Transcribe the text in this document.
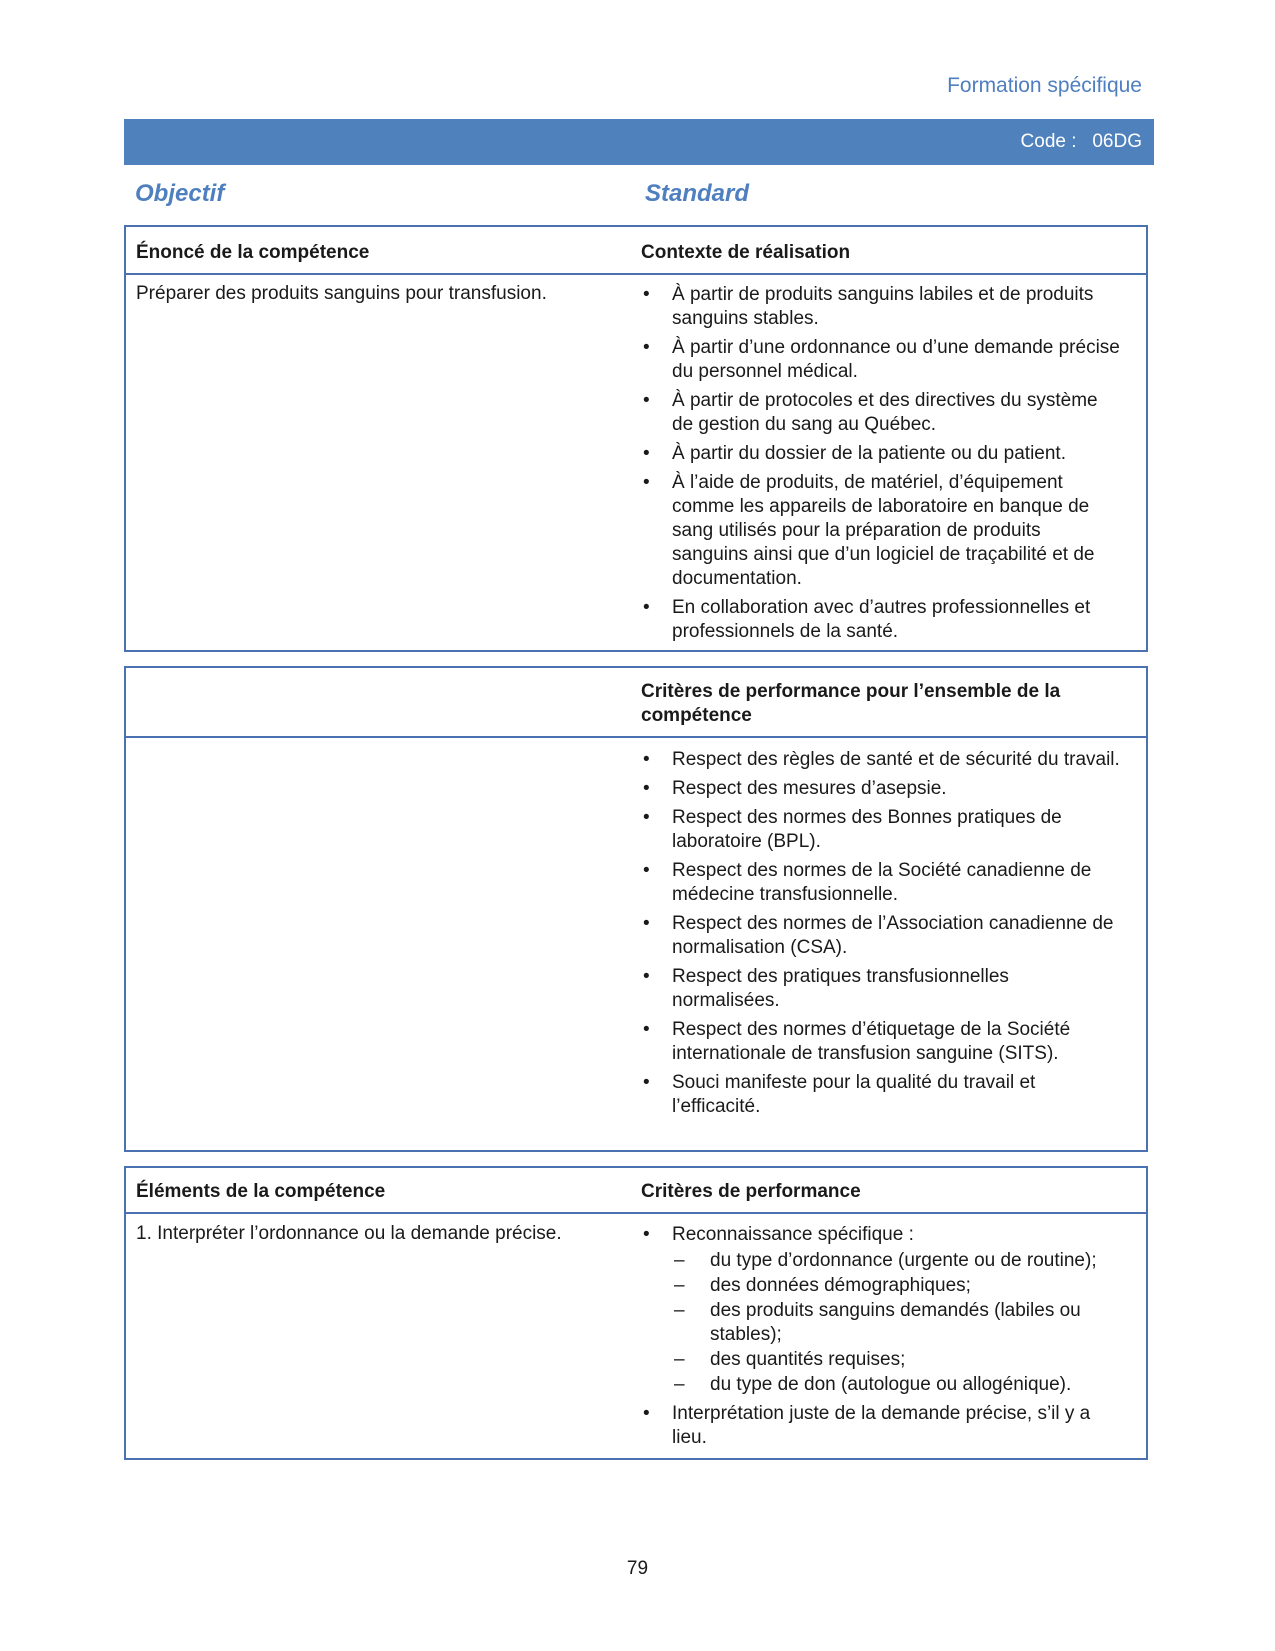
Formation spécifique
Code :   06DG
Objectif	Standard
Énoncé de la compétence	Contexte de réalisation
Préparer des produits sanguins pour transfusion.	• À partir de produits sanguins labiles et de produits sanguins stables.
• À partir d’une ordonnance ou d’une demande précise du personnel médical.
• À partir de protocoles et des directives du système de gestion du sang au Québec.
• À partir du dossier de la patiente ou du patient.
• À l’aide de produits, de matériel, d’équipement comme les appareils de laboratoire en banque de sang utilisés pour la préparation de produits sanguins ainsi que d’un logiciel de traçabilité et de documentation.
• En collaboration avec d’autres professionnelles et professionnels de la santé.
Critères de performance pour l’ensemble de la compétence
• Respect des règles de santé et de sécurité du travail.
• Respect des mesures d’asepsie.
• Respect des normes des Bonnes pratiques de laboratoire (BPL).
• Respect des normes de la Société canadienne de médecine transfusionnelle.
• Respect des normes de l’Association canadienne de normalisation (CSA).
• Respect des pratiques transfusionnelles normalisées.
• Respect des normes d’étiquetage de la Société internationale de transfusion sanguine (SITS).
• Souci manifeste pour la qualité du travail et l’efficacité.
Éléments de la compétence	Critères de performance
1. Interpréter l’ordonnance ou la demande précise.	• Reconnaissance spécifique :
– du type d’ordonnance (urgente ou de routine);
– des données démographiques;
– des produits sanguins demandés (labiles ou stables);
– des quantités requises;
– du type de don (autologue ou allogénique).
• Interprétation juste de la demande précise, s’il y a lieu.
79
